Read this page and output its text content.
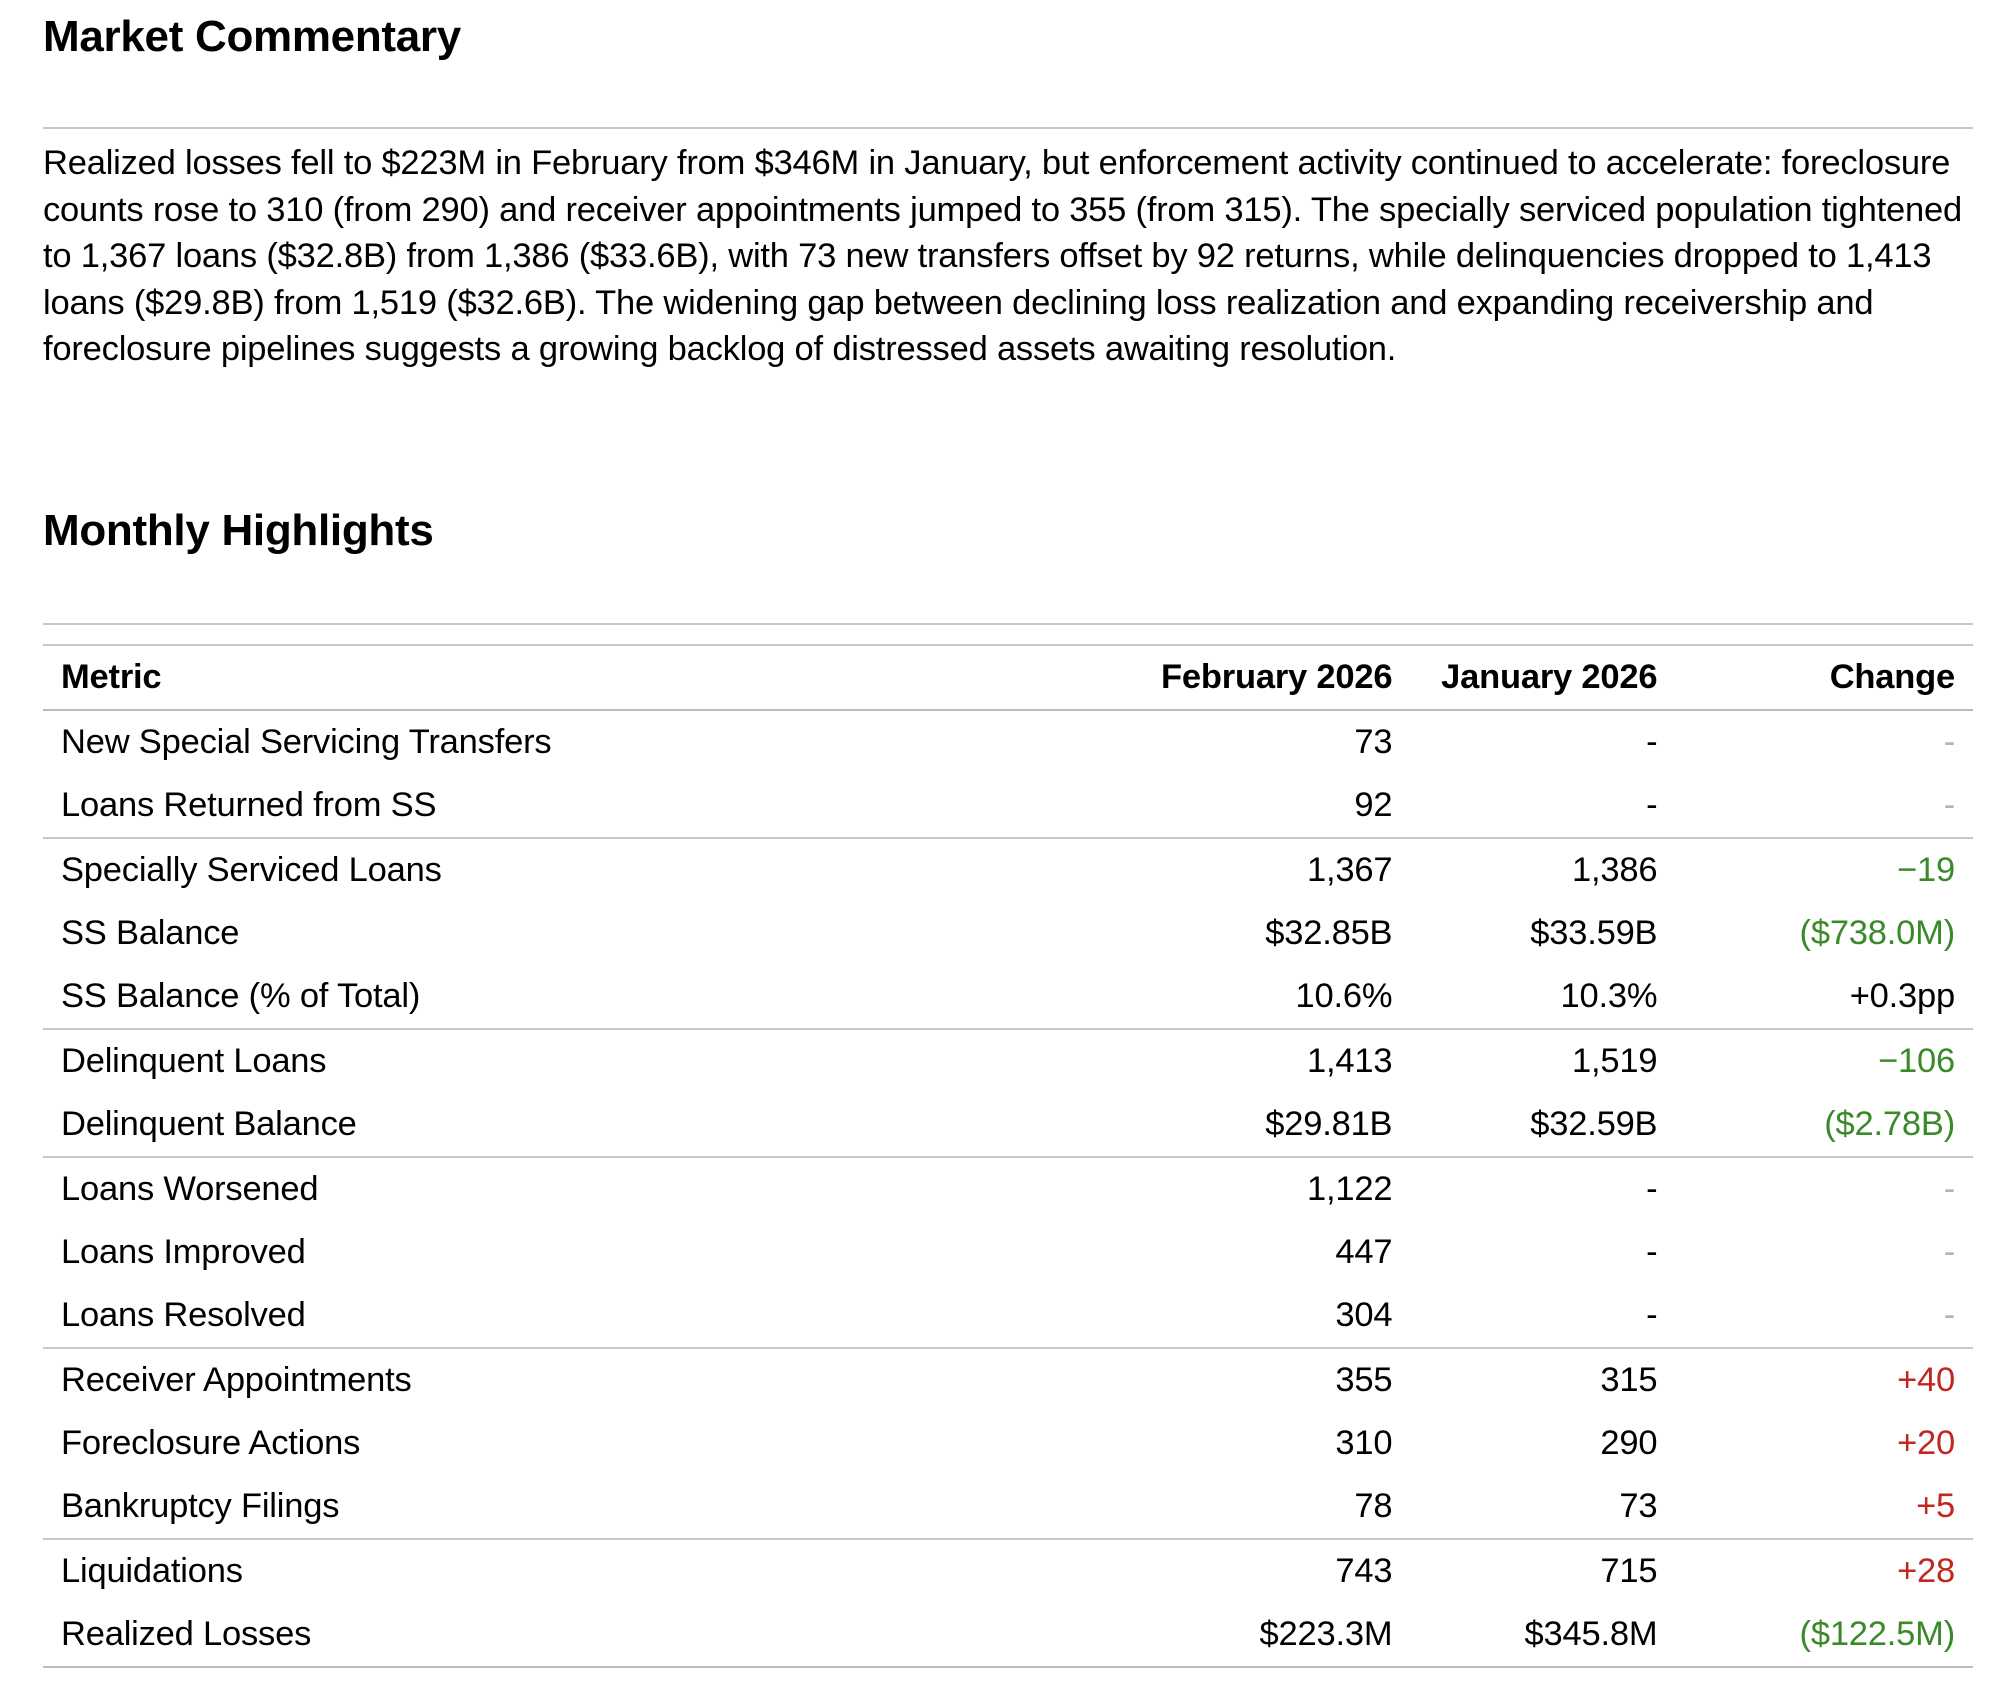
Market Commentary

Realized losses fell to $223M in February from $346M in January, but enforcement activity continued to accelerate: foreclosure counts rose to 310 (from 290) and receiver appointments jumped to 355 (from 315). The specially serviced population tightened to 1,367 loans ($32.8B) from 1,386 ($33.6B), with 73 new transfers offset by 92 returns, while delinquencies dropped to 1,413 loans ($29.8B) from 1,519 ($32.6B). The widening gap between declining loss realization and expanding receivership and foreclosure pipelines suggests a growing backlog of distressed assets awaiting resolution.

Monthly Highlights
Metric	February 2026	January 2026	Change
New Special Servicing Transfers	73	-	-
Loans Returned from SS	92	-	-
Specially Serviced Loans	1,367	1,386	−19
SS Balance	$32.85B	$33.59B	($738.0M)
SS Balance (% of Total)	10.6%	10.3%	+0.3pp
Delinquent Loans	1,413	1,519	−106
Delinquent Balance	$29.81B	$32.59B	($2.78B)
Loans Worsened	1,122	-	-
Loans Improved	447	-	-
Loans Resolved	304	-	-
Receiver Appointments	355	315	+40
Foreclosure Actions	310	290	+20
Bankruptcy Filings	78	73	+5
Liquidations	743	715	+28
Realized Losses	$223.3M	$345.8M	($122.5M)
